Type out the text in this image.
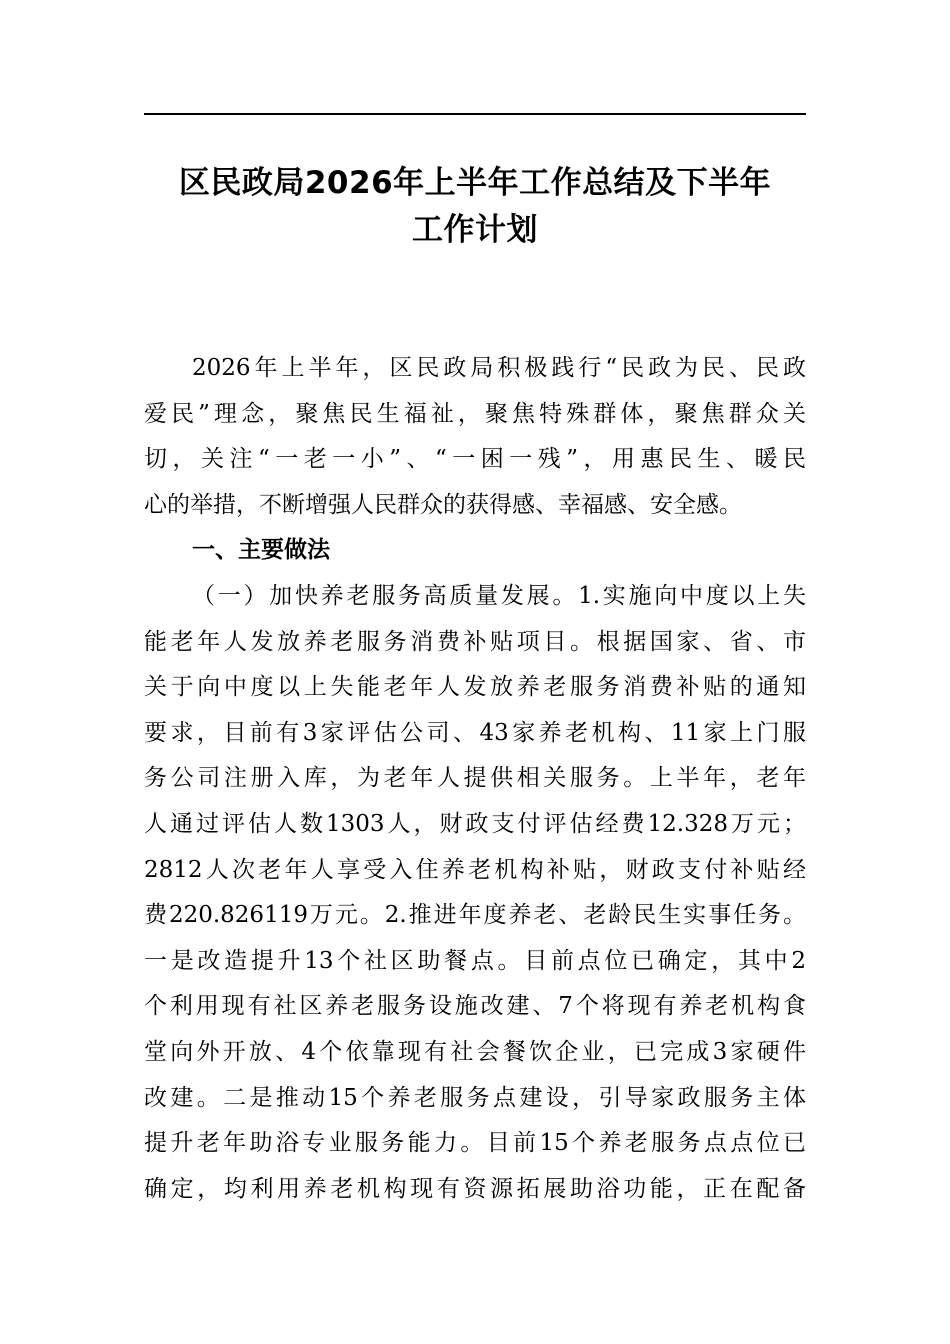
区民政局2026年上半年工作总结及下半年
工作计划
2026年上半年，区民政局积极践行“民政为民、民政
爱民”理念，聚焦民生福祉，聚焦特殊群体，聚焦群众关
切，关注“一老一小”、“一困一残”，用惠民生、暖民
心的举措，不断增强人民群众的获得感、幸福感、安全感。
一、主要做法
（一）加快养老服务高质量发展。1.实施向中度以上失
能老年人发放养老服务消费补贴项目。根据国家、省、市
关于向中度以上失能老年人发放养老服务消费补贴的通知
要求，目前有3家评估公司、43家养老机构、11家上门服
务公司注册入库，为老年人提供相关服务。上半年，老年
人通过评估人数1303人，财政支付评估经费12.328万元；
2812人次老年人享受入住养老机构补贴，财政支付补贴经
费220.826119万元。2.推进年度养老、老龄民生实事任务。
一是改造提升13个社区助餐点。目前点位已确定，其中2
个利用现有社区养老服务设施改建、7个将现有养老机构食
堂向外开放、4个依靠现有社会餐饮企业，已完成3家硬件
改建。二是推动15个养老服务点建设，引导家政服务主体
提升老年助浴专业服务能力。目前15个养老服务点点位已
确定，均利用养老机构现有资源拓展助浴功能，正在配备
